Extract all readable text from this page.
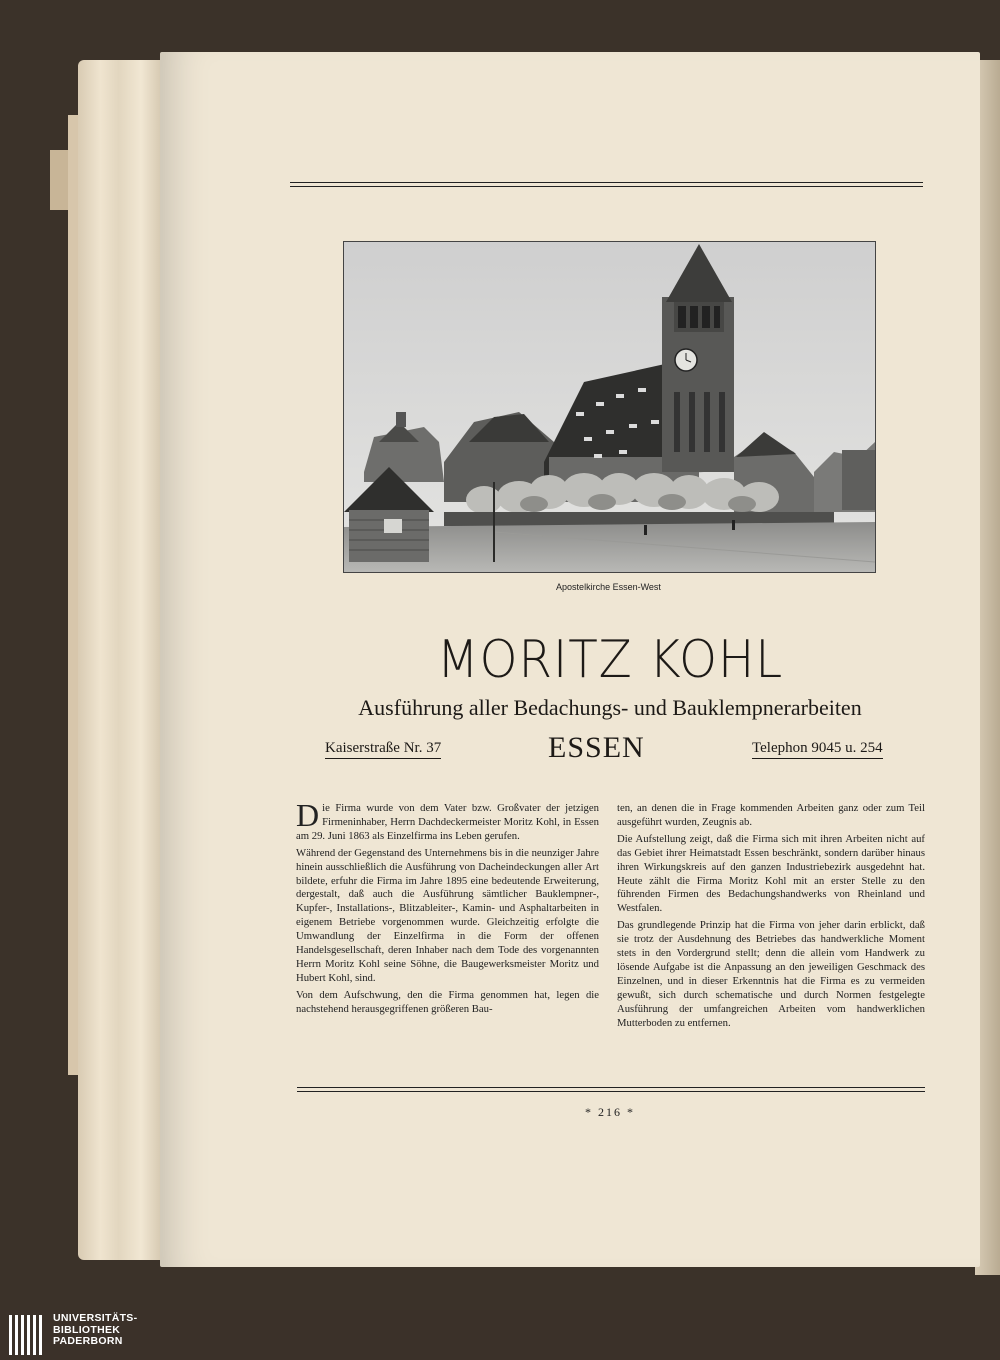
Apostelkirche Essen-West
MORITZ KOHL
Ausführung aller Bedachungs- und Bauklempnerarbeiten
Kaiserstraße Nr. 37	ESSEN	Telephon 9045 u. 254

Die Firma wurde von dem Vater bzw. Großvater der jetzigen Firmeninhaber, Herrn Dachdeckermeister Moritz Kohl, in Essen am 29. Juni 1863 als Einzelfirma ins Leben gerufen.

Während der Gegenstand des Unternehmens bis in die neunziger Jahre hinein ausschließlich die Ausführung von Dacheindeckungen aller Art bildete, erfuhr die Firma im Jahre 1895 eine bedeutende Erweiterung, dergestalt, daß auch die Ausführung sämtlicher Bauklempner-, Kupfer-, Installations-, Blitzableiter-, Kamin- und Asphaltarbeiten in eigenem Betriebe vorgenommen wurde. Gleichzeitig erfolgte die Umwandlung der Einzelfirma in die Form der offenen Handelsgesellschaft, deren Inhaber nach dem Tode des vorgenannten Herrn Moritz Kohl seine Söhne, die Baugewerksmeister Moritz und Hubert Kohl, sind.

Von dem Aufschwung, den die Firma genommen hat, legen die nachstehend herausgegriffenen größeren Bau-

ten, an denen die in Frage kommenden Arbeiten ganz oder zum Teil ausgeführt wurden, Zeugnis ab.

Die Aufstellung zeigt, daß die Firma sich mit ihren Arbeiten nicht auf das Gebiet ihrer Heimatstadt Essen beschränkt, sondern darüber hinaus ihren Wirkungskreis auf den ganzen Industriebezirk ausgedehnt hat. Heute zählt die Firma Moritz Kohl mit an erster Stelle zu den führenden Firmen des Bedachungshandwerks von Rheinland und Westfalen.

Das grundlegende Prinzip hat die Firma von jeher darin erblickt, daß sie trotz der Ausdehnung des Betriebes das handwerkliche Moment stets in den Vordergrund stellt; denn die allein vom Handwerk zu lösende Aufgabe ist die Anpassung an den jeweiligen Geschmack des Einzelnen, und in dieser Erkenntnis hat die Firma es zu vermeiden gewußt, sich durch schematische und durch Normen festgelegte Ausführung der umfangreichen Arbeiten vom handwerklichen Mutterboden zu entfernen.

* 216 *
UNIVERSITÄTS-
BIBLIOTHEK
PADERBORN
